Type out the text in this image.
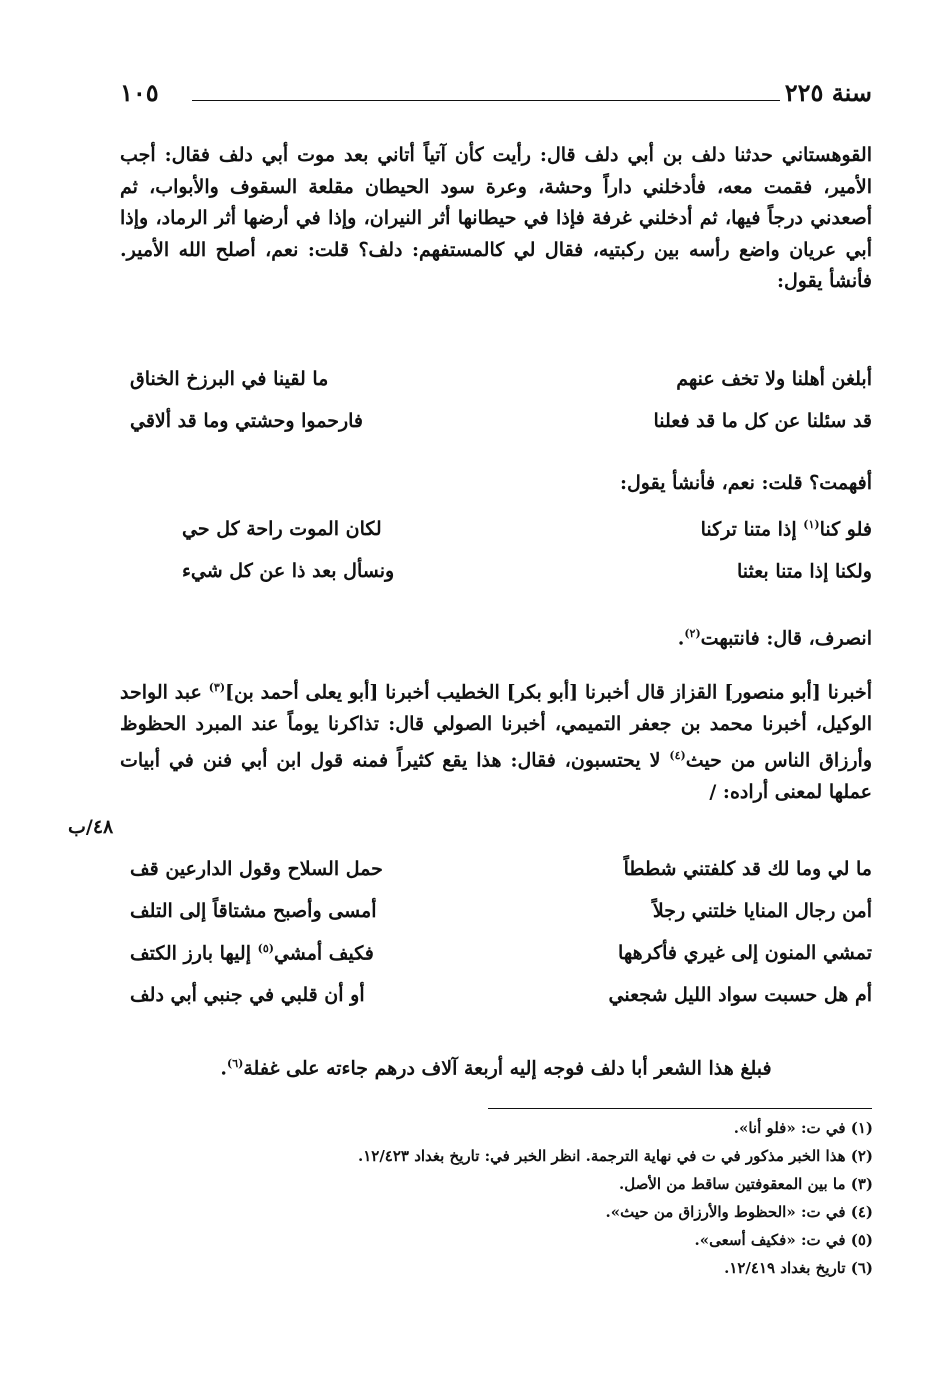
سنة ٢٢٥
١٠٥
القوهستاني حدثنا دلف بن أبي دلف قال: رأيت كأن آتياً أتاني بعد موت أبي دلف فقال: أجب الأمير، فقمت معه، فأدخلني داراً وحشة، وعرة سود الحيطان مقلعة السقوف والأبواب، ثم أصعدني درجاً فيها، ثم أدخلني غرفة فإذا في حيطانها أثر النيران، وإذا في أرضها أثر الرماد، وإذا أبي عريان واضع رأسه بين ركبتيه، فقال لي كالمستفهم: دلف؟ قلت: نعم، أصلح الله الأمير. فأنشأ يقول:
أبلغن أهلنا ولا تخف عنهم
ما لقينا في البرزخ الخناق
قد سئلنا عن كل ما قد فعلنا
فارحموا وحشتي وما قد ألاقي
أفهمت؟ قلت: نعم، فأنشأ يقول:
فلو كنا$^{(١)}$ إذا متنا تركنا
لكان الموت راحة كل حي
ولكنا إذا متنا بعثنا
ونسأل بعد ذا عن كل شيء
انصرف، قال: فانتبهت$^{(٢)}$.
أخبرنا [أبو منصور] القزاز قال أخبرنا [أبو بكر] الخطيب أخبرنا [أبو يعلى أحمد بن]$^{(٣)}$ عبد الواحد الوكيل، أخبرنا محمد بن جعفر التميمي، أخبرنا الصولي قال: تذاكرنا يوماً عند المبرد الحظوظ وأرزاق الناس من حيث$^{(٤)}$ لا يحتسبون، فقال: هذا يقع كثيراً فمنه قول ابن أبي فنن في أبيات عملها لمعنى أراده: /
٤٨/ب
ما لي وما لك قد كلفتني شططاً
حمل السلاح وقول الدارعين قف
أمن رجال المنايا خلتني رجلاً
أمسى وأصبح مشتاقاً إلى التلف
تمشي المنون إلى غيري فأكرهها
فكيف أمشي$^{(٥)}$ إليها بارز الكتف
أم هل حسبت سواد الليل شجعني
أو أن قلبي في جنبي أبي دلف
فبلغ هذا الشعر أبا دلف فوجه إليه أربعة آلاف درهم جاءته على غفلة$^{(٦)}$.
(١) في ت: «فلو أنا».
(٢) هذا الخبر مذكور في ت في نهاية الترجمة. انظر الخبر في: تاريخ بغداد ١٢/٤٢٣.
(٣) ما بين المعقوفتين ساقط من الأصل.
(٤) في ت: «الحظوط والأرزاق من حيث».
(٥) في ت: «فكيف أسعى».
(٦) تاريخ بغداد ١٢/٤١٩.
